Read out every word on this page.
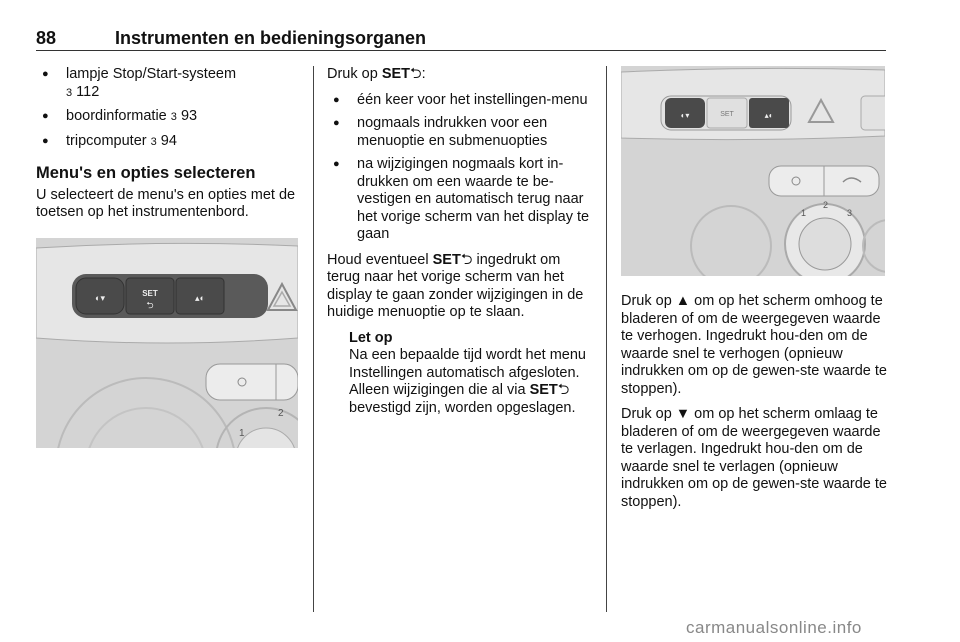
88	Instrumenten en bedieningsorganen
● lampje Stop/Start-systeem
3 112
● boordinformatie 3 93
● tripcomputer 3 94
Menu's en opties selecteren

U selecteert de menu's en opties met de toetsen op het instrumentenbord.

◐▾	SET
⮌
▴◐
1
2

Druk op SET⮌:

● één keer voor het instellingen-menu
● nogmaals indrukken voor een menuoptie en submenuopties
● na wijzigingen nogmaals kort in-drukken om een waarde te be-vestigen en automatisch terug naar het vorige scherm van het display te gaan

Houd eventueel SET⮌ ingedrukt om terug naar het vorige scherm van het display te gaan zonder wijzigingen in de huidige menuoptie op te slaan.

Let op
Na een bepaalde tijd wordt het menu Instellingen automatisch afgesloten. Alleen wijzigingen die al via SET⮌ bevestigd zijn, worden opgeslagen.
◐▾	SET	▴◐
1
2
3

Druk op ▲ om op het scherm omhoog te bladeren of om de weergegeven waarde te verhogen. Ingedrukt hou-den om de waarde snel te verhogen (opnieuw indrukken om op de gewen-ste waarde te stoppen).

Druk op ▼ om op het scherm omlaag te bladeren of om de weergegeven waarde te verlagen. Ingedrukt hou-den om de waarde snel te verlagen (opnieuw indrukken om op de gewen-ste waarde te stoppen).

carmanualsonline.info
